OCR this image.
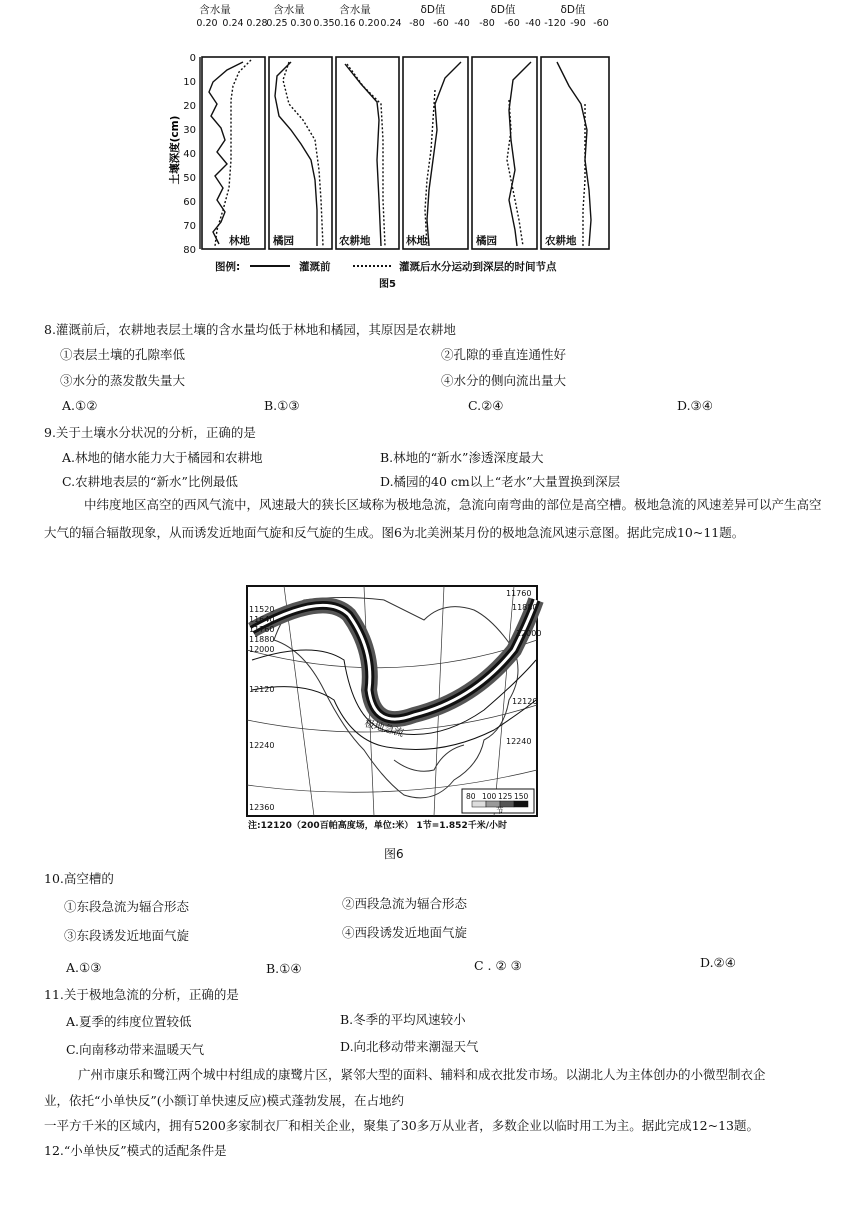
含水量	含水量	含水量	δD值	δD值	δD值
0.20 0.24 0.28
0.25 0.30 0.35 0.16 0.20 0.24 -80 -60 -40 -80 -60 -40 -120 -90 -60
土壤深度(cm)
0
10
20
30
40
50
60
70
80
林地 橘园	农耕地	林地	橘园	农耕地
图例:	灌溉前	灌溉后水分运动到深层的时间节点
图5
8.灌溉前后，农耕地表层土壤的含水量均低于林地和橘园，其原因是农耕地
①表层土壤的孔隙率低	②孔隙的垂直连通性好
③水分的蒸发散失量大	④水分的侧向流出量大
A.①②	B.①③	C.②④	D.③④
9.关于土壤水分状况的分析，正确的是
A.林地的储水能力大于橘园和农耕地	B.林地的“新水”渗透深度最大
C.农耕地表层的“新水”比例最低	D.橘园的40 cm以上“老水”大量置换到深层
中纬度地区高空的西风气流中，风速最大的狭长区域称为极地急流，急流向南弯曲的部位是高空槽。极地急流的风速差异可以产生高空大气的辐合辐散现象，从而诱发近地面气旋和反气旋的生成。图6为北美洲某月份的极地急流风速示意图。据此完成10~11题。
11520
11640
11760
11880
12000
12120
12240
12360
11760
11880
12000
12120
12240
极地急流
80 100 125 150
节
注:12120（200百帕高度场，单位:米） 1节=1.852千米/小时
图6
10.高空槽的
①东段急流为辐合形态	②西段急流为辐合形态
③东段诱发近地面气旋	④西段诱发近地面气旋
A.①③	B.①④	C . ② ③	D.②④
11.关于极地急流的分析，正确的是
A.夏季的纬度位置较低	B.冬季的平均风速较小
C.向南移动带来温暖天气	D.向北移动带来潮湿天气
广州市康乐和鹭江两个城中村组成的康鹭片区，紧邻大型的面料、辅料和成衣批发市场。以湖北人为主体创办的小微型制衣企
业，依托“小单快反”(小额订单快速反应)模式蓬勃发展，在占地约
一平方千米的区域内，拥有5200多家制衣厂和相关企业，聚集了30多万从业者，多数企业以临时用工为主。据此完成12~13题。
12.“小单快反”模式的适配条件是
